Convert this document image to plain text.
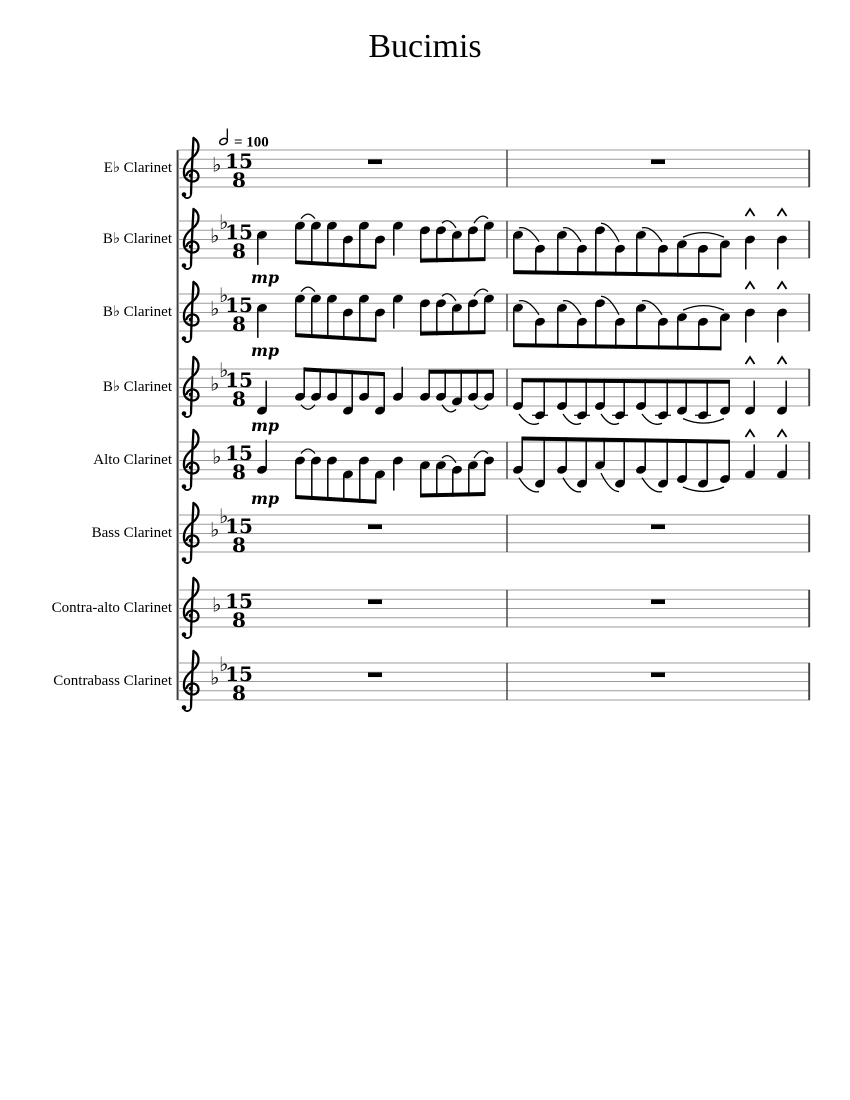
Bucimis
= 100
♭ 15
8
♭
♭
15
8
mp
♭
♭
15
8
mp
♭
♭
15
8
mp
♭ 15
8
mp
♭
♭
15
8
♭ 15
8
♭
♭
15
8
E♭ Clarinet
B♭ Clarinet
B♭ Clarinet
B♭ Clarinet
Alto Clarinet
Bass Clarinet
Contra-alto Clarinet
Contrabass Clarinet
